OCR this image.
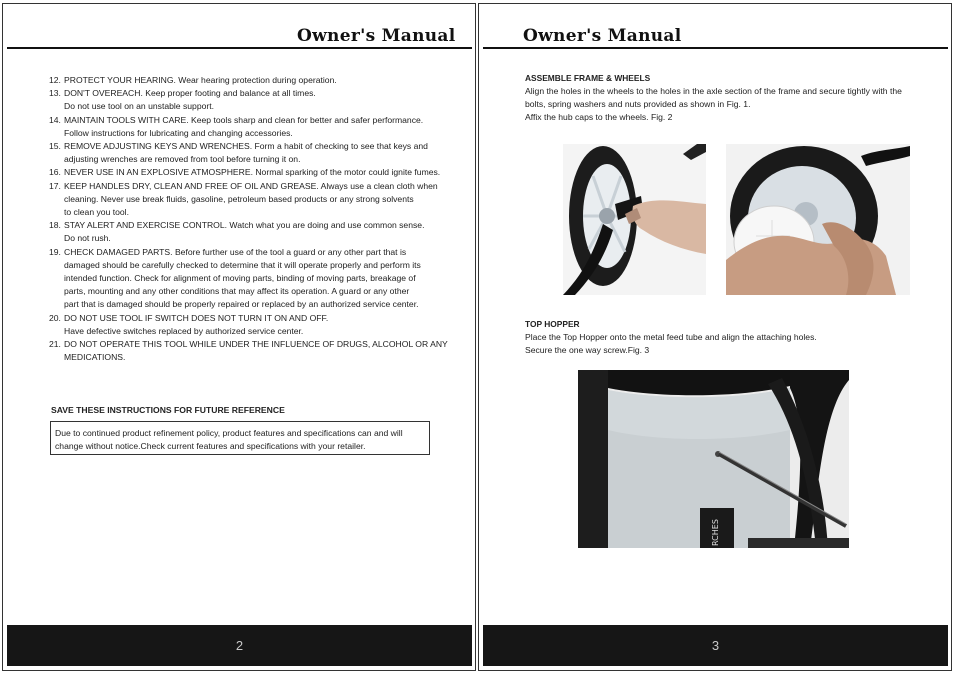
Owner's Manual
12. PROTECT YOUR HEARING. Wear hearing protection during operation.
13. DON'T OVEREACH. Keep proper footing and balance at all times.
Do not use tool on an unstable support.
14. MAINTAIN TOOLS WITH CARE. Keep tools sharp and clean for better and safer performance.
Follow instructions for lubricating and changing accessories.
15. REMOVE ADJUSTING KEYS AND WRENCHES. Form a habit of checking to see that keys and
adjusting wrenches are removed from tool before turning it on.
16. NEVER USE IN AN EXPLOSIVE ATMOSPHERE. Normal sparking of the motor could ignite fumes.
17. KEEP HANDLES DRY, CLEAN AND FREE OF OIL AND GREASE. Always use a clean cloth when
cleaning. Never use break fluids, gasoline, petroleum based products or any strong solvents
to clean you tool.
18. STAY ALERT AND EXERCISE CONTROL. Watch what you are doing and use common sense.
Do not rush.
19. CHECK DAMAGED PARTS. Before further use of the tool a guard or any other part that is
damaged should be carefully checked to determine that it will operate properly and perform its
intended function. Check for alignment of moving parts, binding of moving parts, breakage of
parts, mounting and any other conditions that may affect its operation. A guard or any other
part that is damaged should be properly repaired or replaced by an authorized service center.
20. DO NOT USE TOOL IF SWITCH DOES NOT TURN IT ON AND OFF.
Have defective switches replaced by authorized service center.
21. DO NOT OPERATE THIS TOOL WHILE UNDER THE INFLUENCE OF DRUGS, ALCOHOL OR ANY
MEDICATIONS.
SAVE THESE INSTRUCTIONS FOR FUTURE REFERENCE
Due to continued product refinement policy, product features and specifications can and will
change without notice.Check current features and specifications with your retailer.
2
Owner's Manual
ASSEMBLE FRAME & WHEELS
Align the holes in the wheels to the holes in the axle section of the frame and secure tightly with the
bolts, spring washers and nuts provided as shown in Fig. 1.
Affix the hub caps to the wheels. Fig. 2
TOP HOPPER
Place the Top Hopper onto the metal feed tube and align the attaching holes.
Secure the one way screw.Fig. 3
RCHES
3
